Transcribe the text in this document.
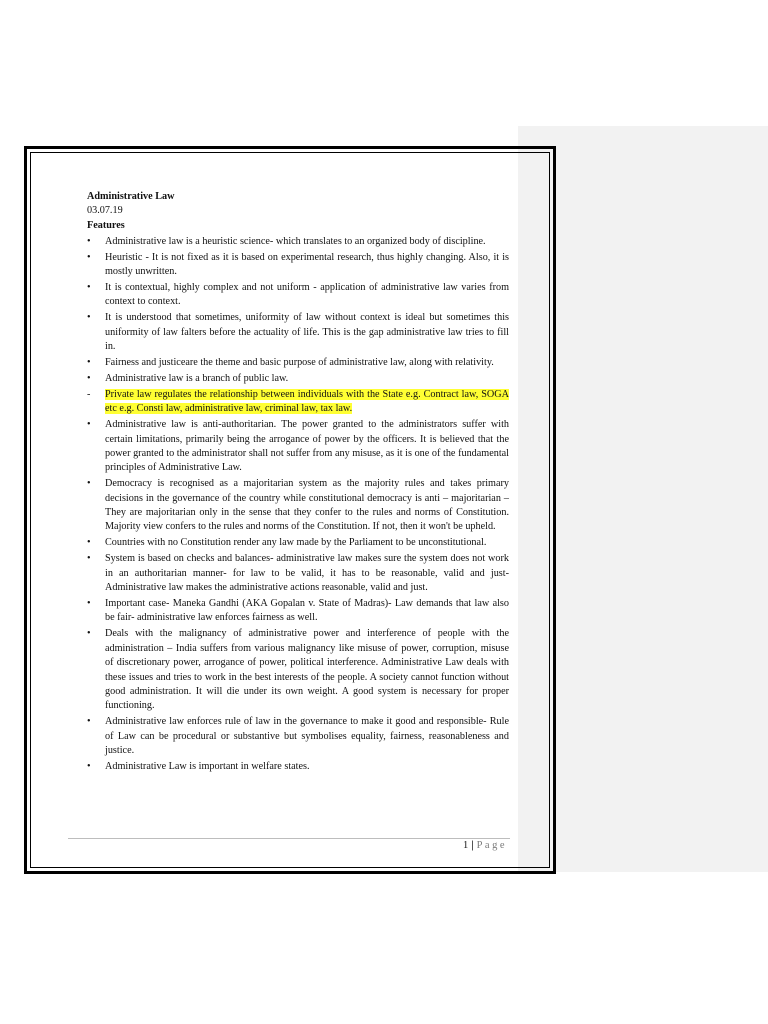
Administrative Law
03.07.19
Features
•	Administrative law is a heuristic science- which translates to an organized body of discipline.
•	Heuristic - It is not fixed as it is based on experimental research, thus highly changing. Also, it is mostly unwritten.
•	It is contextual, highly complex and not uniform - application of administrative law varies from context to context.
•	It is understood that sometimes, uniformity of law without context is ideal but sometimes this uniformity of law falters before the actuality of life. This is the gap administrative law tries to fill in.
•	Fairness and justiceare the theme and basic purpose of administrative law, along with relativity.
•	Administrative law is a branch of public law.
-	Private law regulates the relationship between individuals with the State e.g. Contract law, SOGA etc e.g. Consti law, administrative law, criminal law, tax law.
•	Administrative law is anti-authoritarian. The power granted to the administrators suffer with certain limitations, primarily being the arrogance of power by the officers. It is believed that the power granted to the administrator shall not suffer from any misuse, as it is one of the fundamental principles of Administrative Law.
•	Democracy is recognised as a majoritarian system as the majority rules and takes primary decisions in the governance of the country while constitutional democracy is anti – majoritarian – They are majoritarian only in the sense that they confer to the rules and norms of Constitution. Majority view confers to the rules and norms of the Constitution. If not, then it won't be upheld.
•	Countries with no Constitution render any law made by the Parliament to be unconstitutional.
•	System is based on checks and balances- administrative law makes sure the system does not work in an authoritarian manner- for law to be valid, it has to be reasonable, valid and just- Administrative law makes the administrative actions reasonable, valid and just.
•	Important case- Maneka Gandhi (AKA Gopalan v. State of Madras)- Law demands that law also be fair- administrative law enforces fairness as well.
•	Deals with the malignancy of administrative power and interference of people with the administration – India suffers from various malignancy like misuse of power, corruption, misuse of discretionary power, arrogance of power, political interference. Administrative Law deals with these issues and tries to work in the best interests of the people. A society cannot function without good administration. It will die under its own weight. A good system is necessary for proper functioning.
•	Administrative law enforces rule of law in the governance to make it good and responsible- Rule of Law can be procedural or substantive but symbolises equality, fairness, reasonableness and justice.
•	Administrative Law is important in welfare states.
1 | Page
